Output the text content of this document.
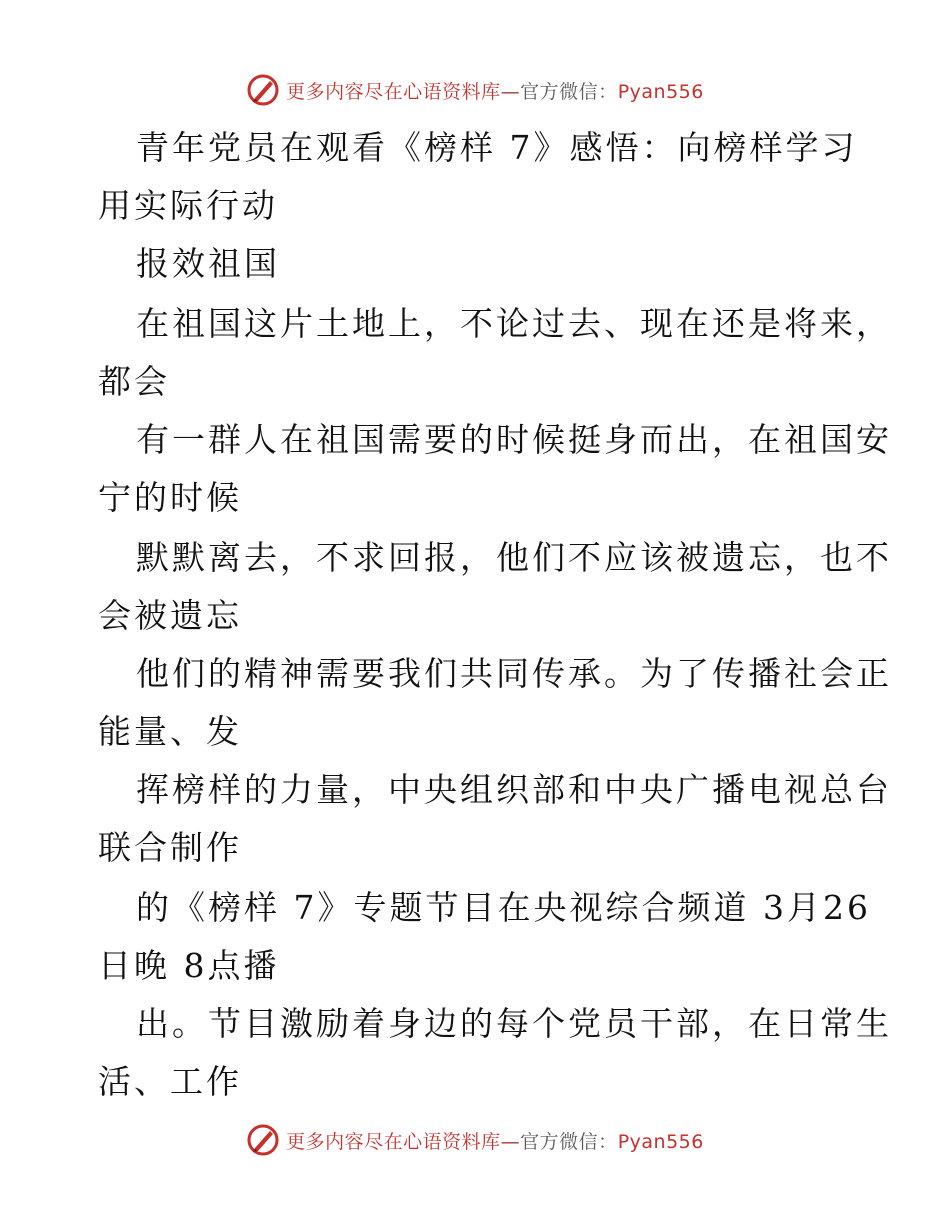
更多内容尽在心语资料库—官方微信：Pyan556
青年党员在观看《榜样 7》感悟：向榜样学习
用实际行动
报效祖国
在祖国这片土地上，不论过去、现在还是将来，
都会
有一群人在祖国需要的时候挺身而出，在祖国安
宁的时候
默默离去，不求回报，他们不应该被遗忘，也不
会被遗忘
他们的精神需要我们共同传承。为了传播社会正
能量、发
挥榜样的力量，中央组织部和中央广播电视总台
联合制作
的《榜样 7》专题节目在央视综合频道 3月26
日晚 8点播
出。节目激励着身边的每个党员干部，在日常生
活、工作
更多内容尽在心语资料库—官方微信：Pyan556
